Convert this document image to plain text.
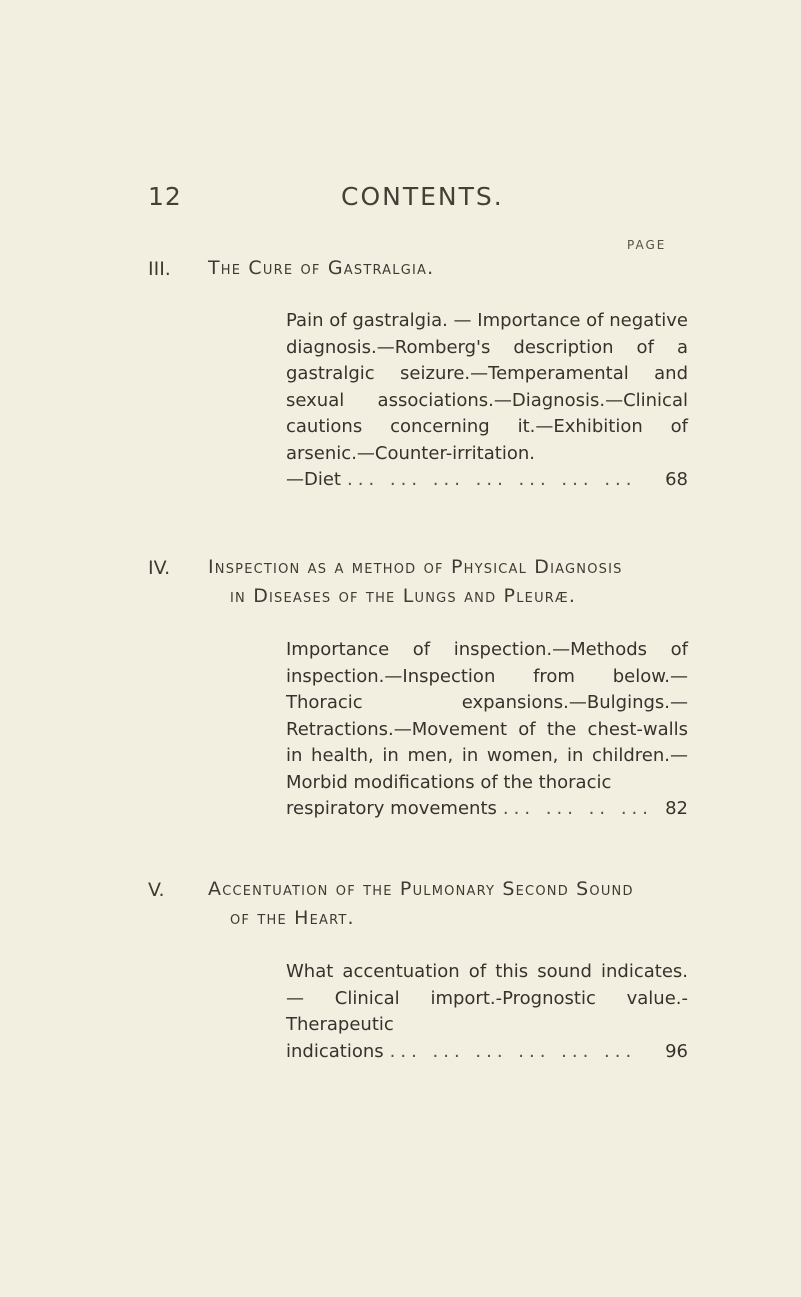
12	CONTENTS.
PAGE
III. The Cure of Gastralgia.
Pain of gastralgia. — Importance of negative diagnosis.—Romberg's description of a gastralgic seizure.—Temperamental and sexual associations.—Diagnosis.—Clinical cautions concerning it.—Exhibition of arsenic.—Counter-irritation.
—Diet ... ... ... ... ... ... ...	68
IV. Inspection as a method of Physical Diagnosis
in Diseases of the Lungs and Pleuræ.
Importance of inspection.—Methods of inspection.—Inspection from below.—Thoracic expansions.—Bulgings.—Retractions.—Movement of the chest-walls in health, in men, in women, in children.—Morbid modifications of the thoracic
respiratory movements ... ... .. ... 82
V. Accentuation of the Pulmonary Second Sound
of the Heart.
What accentuation of this sound indicates.— Clinical import.-Prognostic value.-Therapeutic
indications ... ... ... ... ... ...	96
